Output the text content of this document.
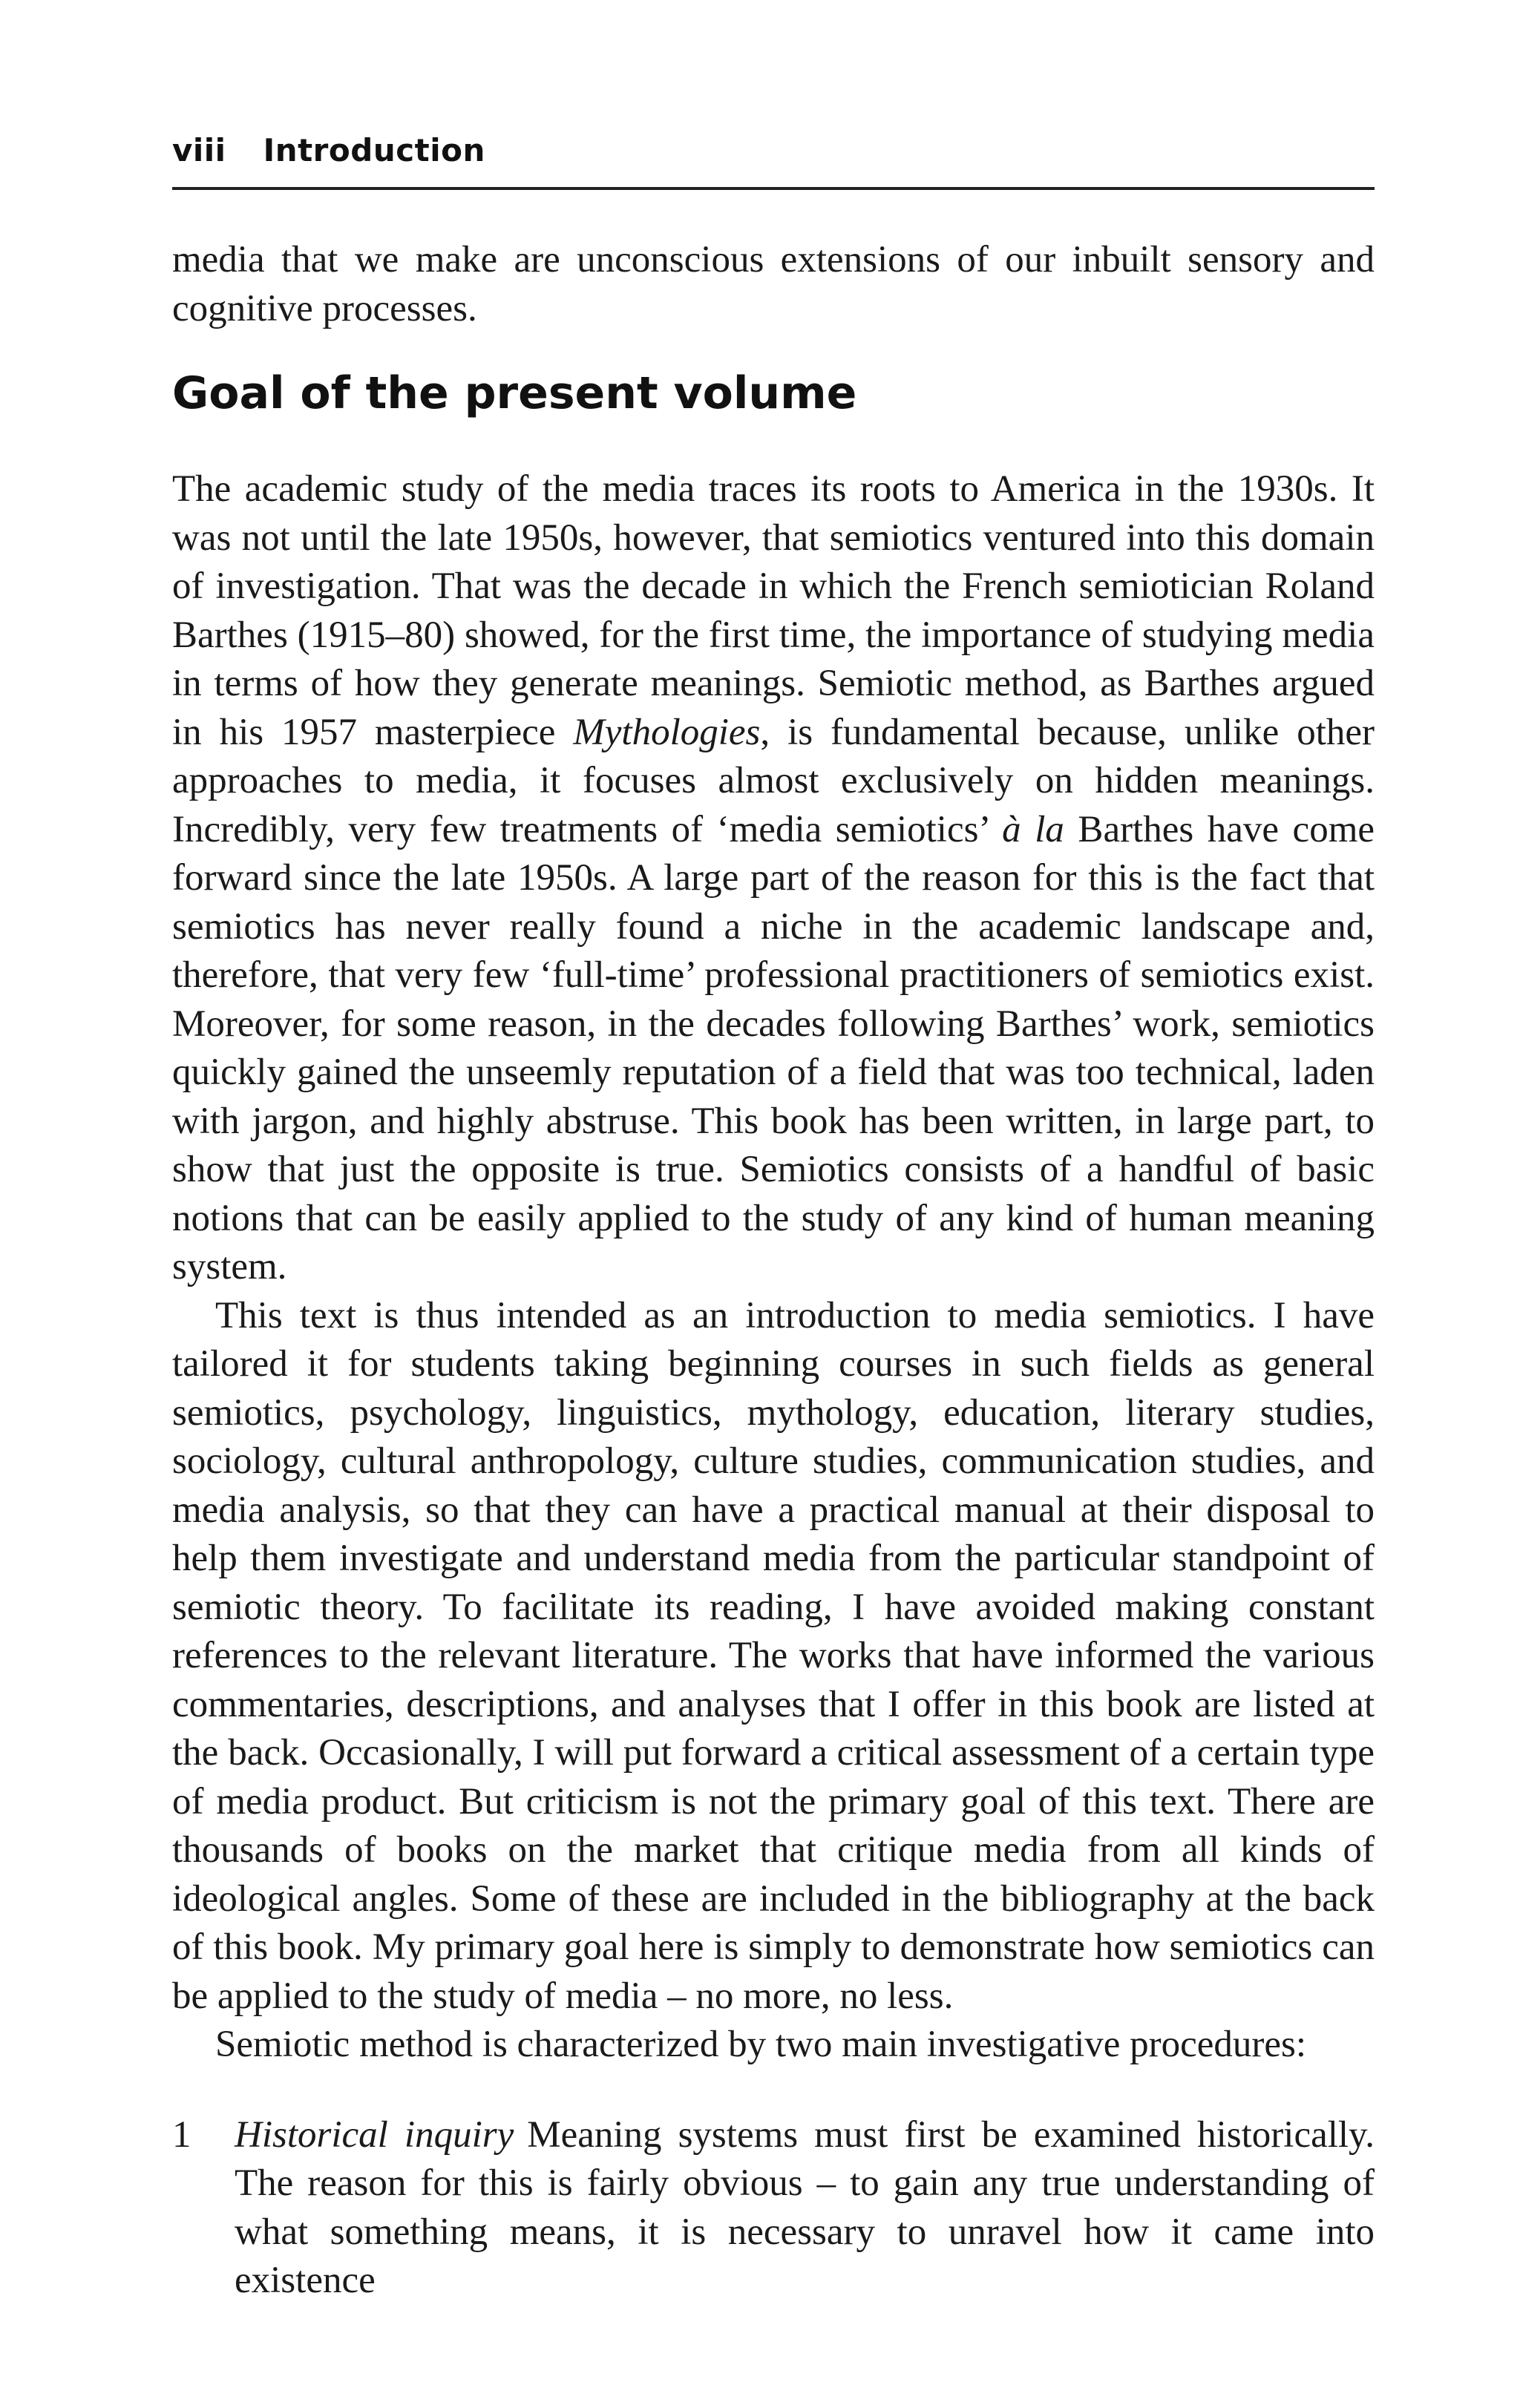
viii Introduction

media that we make are unconscious extensions of our inbuilt sensory and cognitive processes.

Goal of the present volume

The academic study of the media traces its roots to America in the 1930s. It was not until the late 1950s, however, that semiotics ventured into this domain of investigation. That was the decade in which the French semiotician Roland Barthes (1915–80) showed, for the first time, the importance of studying media in terms of how they generate meanings. Semiotic method, as Barthes argued in his 1957 masterpiece Mythologies, is fundamental because, unlike other approaches to media, it focuses almost exclusively on hidden meanings. Incredibly, very few treatments of ‘media semiotics’ à la Barthes have come forward since the late 1950s. A large part of the reason for this is the fact that semiotics has never really found a niche in the academic landscape and, therefore, that very few ‘full-time’ professional practitioners of semiotics exist. Moreover, for some reason, in the decades following Barthes’ work, semiotics quickly gained the unseemly reputation of a field that was too technical, laden with jargon, and highly abstruse. This book has been written, in large part, to show that just the opposite is true. Semiotics consists of a handful of basic notions that can be easily applied to the study of any kind of human meaning system.

This text is thus intended as an introduction to media semiotics. I have tailored it for students taking beginning courses in such fields as general semiotics, psychology, linguistics, mythology, education, literary studies, sociology, cultural anthropology, culture studies, communication studies, and media analysis, so that they can have a practical manual at their disposal to help them investigate and understand media from the particular standpoint of semiotic theory. To facilitate its reading, I have avoided making constant references to the relevant literature. The works that have informed the various commentaries, descriptions, and analyses that I offer in this book are listed at the back. Occasionally, I will put forward a critical assessment of a certain type of media product. But criticism is not the primary goal of this text. There are thousands of books on the market that critique media from all kinds of ideological angles. Some of these are included in the bibliography at the back of this book. My primary goal here is simply to demonstrate how semiotics can be applied to the study of media – no more, no less.

Semiotic method is characterized by two main investigative procedures:

1 Historical inquiry Meaning systems must first be examined historically. The reason for this is fairly obvious – to gain any true understanding of what something means, it is necessary to unravel how it came into existence
